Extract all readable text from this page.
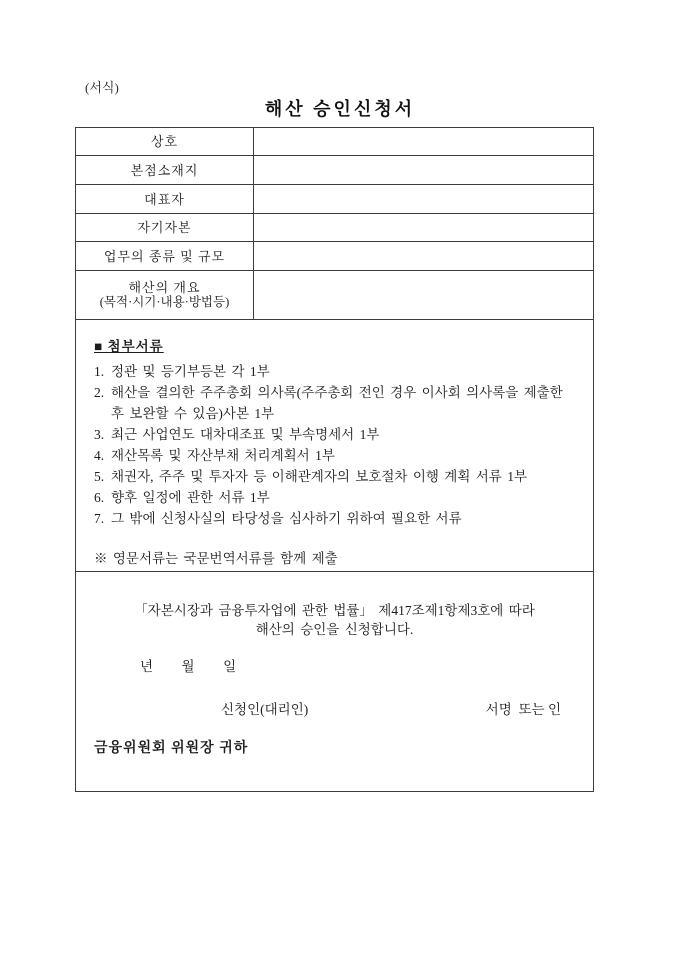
(서식)
해산 승인신청서
상호
본점소재지
대표자
자기자본
업무의 종류 및 규모
해산의 개요
(목적·시기·내용·방법등)
■ 첨부서류
1. 정관 및 등기부등본 각 1부
2. 해산을 결의한 주주총회 의사록(주주총회 전인 경우 이사회 의사록을 제출한 후 보완할 수 있음)사본 1부
3. 최근 사업연도 대차대조표 및 부속명세서 1부
4. 재산목록 및 자산부채 처리계획서 1부
5. 채권자, 주주 및 투자자 등 이해관계자의 보호절차 이행 계획 서류 1부
6. 향후 일정에 관한 서류 1부
7. 그 밖에 신청사실의 타당성을 심사하기 위하여 필요한 서류
※ 영문서류는 국문번역서류를 함께 제출
「자본시장과 금융투자업에 관한 법률」 제417조제1항제3호에 따라
해산의 승인을 신청합니다.
년 월 일
신청인(대리인)	서명  또는 인
금융위원회 위원장 귀하
